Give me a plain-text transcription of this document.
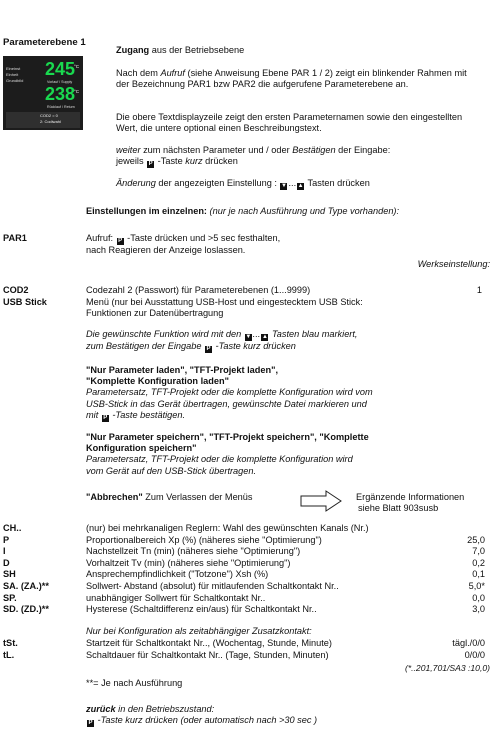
Parameterebene 1
Eineinst
Einheit
Grundbild
245
°C
Vorlauf / Supply
238
°C
Rücklauf / Return
COD2 = 0
2: Codiwahl
Zugang aus der Betriebsebene
Nach dem Aufruf (siehe Anweisung Ebene PAR 1 / 2) zeigt ein blinkender Rahmen mit der Bezeichnung PAR1 bzw PAR2 die aufgerufene Parameterebene an.
Die obere Textdisplayzeile zeigt den ersten Parameternamen sowie den eingestellten Wert, die untere optional einen Beschreibungstext.
weiter zum nächsten Parameter und / oder Bestätigen der Eingabe:
jeweils P -Taste kurz drücken
Änderung der angezeigten Einstellung : ▼ ... ▲ Tasten drücken
Einstellungen im einzelnen: (nur je nach Ausführung und Type vorhanden):
PAR1	Aufruf: P -Taste drücken und >5 sec festhalten,
nach Reagieren der Anzeige loslassen.
Werkseinstellung:
COD2	Codezahl 2 (Passwort) für Parameterebenen (1...9999)	1
USB Stick	Menü (nur bei Ausstattung USB-Host und eingestecktem USB Stick:
Funktionen zur Datenübertragung
Die gewünschte Funktion wird mit den ▼ ... ▲ Tasten blau markiert,
zum Bestätigen der Eingabe P -Taste kurz drücken
"Nur Parameter laden", "TFT-Projekt laden",
"Komplette Konfiguration laden"
Parametersatz, TFT-Projekt oder die komplette Konfiguration wird vom
USB-Stick in das Gerät übertragen, gewünschte Datei markieren und
mit P -Taste bestätigen.
"Nur Parameter speichern", "TFT-Projekt speichern", "Komplette
Konfiguration speichern"
Parametersatz, TFT-Projekt oder die komplette Konfiguration wird
vom Gerät auf den USB-Stick übertragen.
"Abbrechen" Zum Verlassen der Menüs	Ergänzende Informationen
siehe Blatt 903susb
CH..	(nur) bei mehrkanaligen Reglern: Wahl des gewünschten Kanals (Nr.)
P	Proportionalbereich Xp (%) (näheres siehe "Optimierung")	25,0
I	Nachstellzeit Tn (min) (näheres siehe "Optimierung")	7,0
D	Vorhaltzeit Tv (min) (näheres siehe "Optimierung")	0,2
SH	Ansprechempfindlichkeit ("Totzone") Xsh (%)	0,1
SA. (ZA.)**	Sollwert- Abstand (absolut) für mitlaufenden Schaltkontakt Nr..	5,0*
SP.	unabhängiger Sollwert für Schaltkontakt Nr..	0,0
SD. (ZD.)**	Hysterese (Schaltdifferenz ein/aus) für Schaltkontakt Nr..	3,0
Nur bei Konfiguration als zeitabhängiger Zusatzkontakt:
tSt.	Startzeit für Schaltkontakt Nr.., (Wochentag, Stunde, Minute)	tägl./0/0
tL.	Schaltdauer für Schaltkontakt Nr.. (Tage, Stunden, Minuten)	0/0/0
(*..201,701/SA3 :10,0)
**= Je nach Ausführung
zurück in den Betriebszustand:
P -Taste kurz drücken (oder automatisch nach >30 sec )
